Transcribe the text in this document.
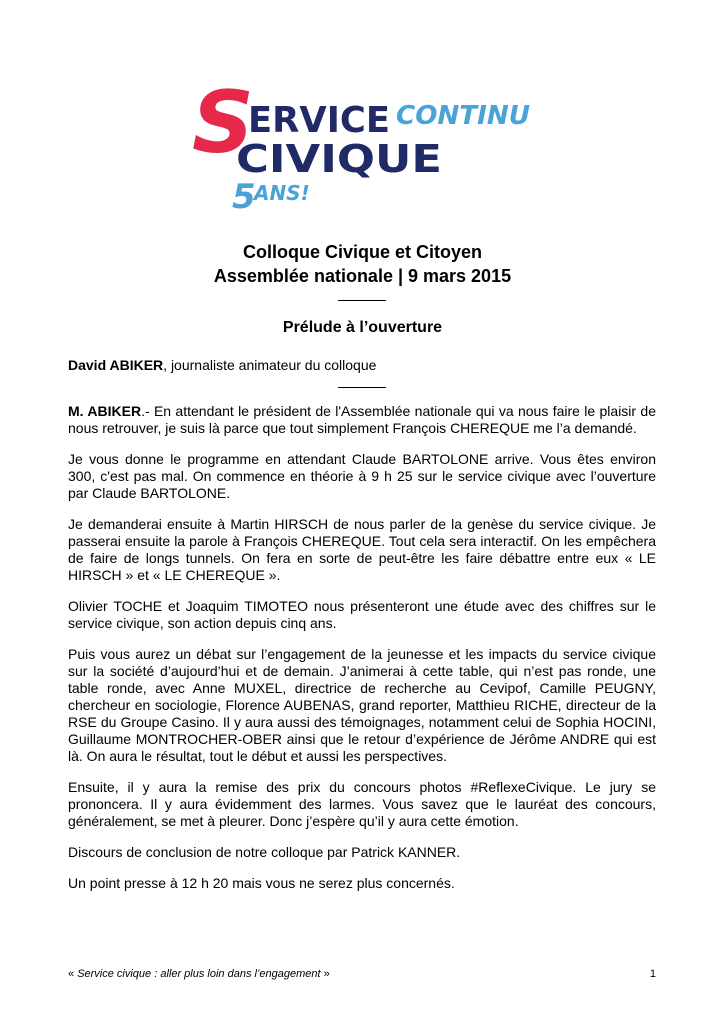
S
ERVICE CONTINU
CIVIQUE
5
ANS!
Colloque Civique et Citoyen
Assemblée nationale | 9 mars 2015
Prélude à l’ouverture
David ABIKER, journaliste animateur du colloque

M. ABIKER.- En attendant le président de l'Assemblée nationale qui va nous faire le plaisir de nous retrouver, je suis là parce que tout simplement François CHEREQUE me l’a demandé.

Je vous donne le programme en attendant Claude BARTOLONE arrive. Vous êtes environ 300, c'est pas mal. On commence en théorie à 9 h 25 sur le service civique avec l’ouverture par Claude BARTOLONE.

Je demanderai ensuite à Martin HIRSCH de nous parler de la genèse du service civique. Je passerai ensuite la parole à François CHEREQUE. Tout cela sera interactif. On les empêchera de faire de longs tunnels. On fera en sorte de peut-être les faire débattre entre eux « LE HIRSCH » et « LE CHEREQUE ».

Olivier TOCHE et Joaquim TIMOTEO nous présenteront une étude avec des chiffres sur le service civique, son action depuis cinq ans.

Puis vous aurez un débat sur l’engagement de la jeunesse et les impacts du service civique sur la société d’aujourd’hui et de demain. J’animerai à cette table, qui n’est pas ronde, une table ronde, avec Anne MUXEL, directrice de recherche au Cevipof, Camille PEUGNY, chercheur en sociologie, Florence AUBENAS, grand reporter, Matthieu RICHE, directeur de la RSE du Groupe Casino. Il y aura aussi des témoignages, notamment celui de Sophia HOCINI, Guillaume MONTROCHER-OBER ainsi que le retour d’expérience de Jérôme ANDRE qui est là. On aura le résultat, tout le début et aussi les perspectives.

Ensuite, il y aura la remise des prix du concours photos #ReflexeCivique. Le jury se prononcera. Il y aura évidemment des larmes. Vous savez que le lauréat des concours, généralement, se met à pleurer. Donc j’espère qu’il y aura cette émotion.

Discours de conclusion de notre colloque par Patrick KANNER.

Un point presse à 12 h 20 mais vous ne serez plus concernés.

« Service civique : aller plus loin dans l’engagement »	1
